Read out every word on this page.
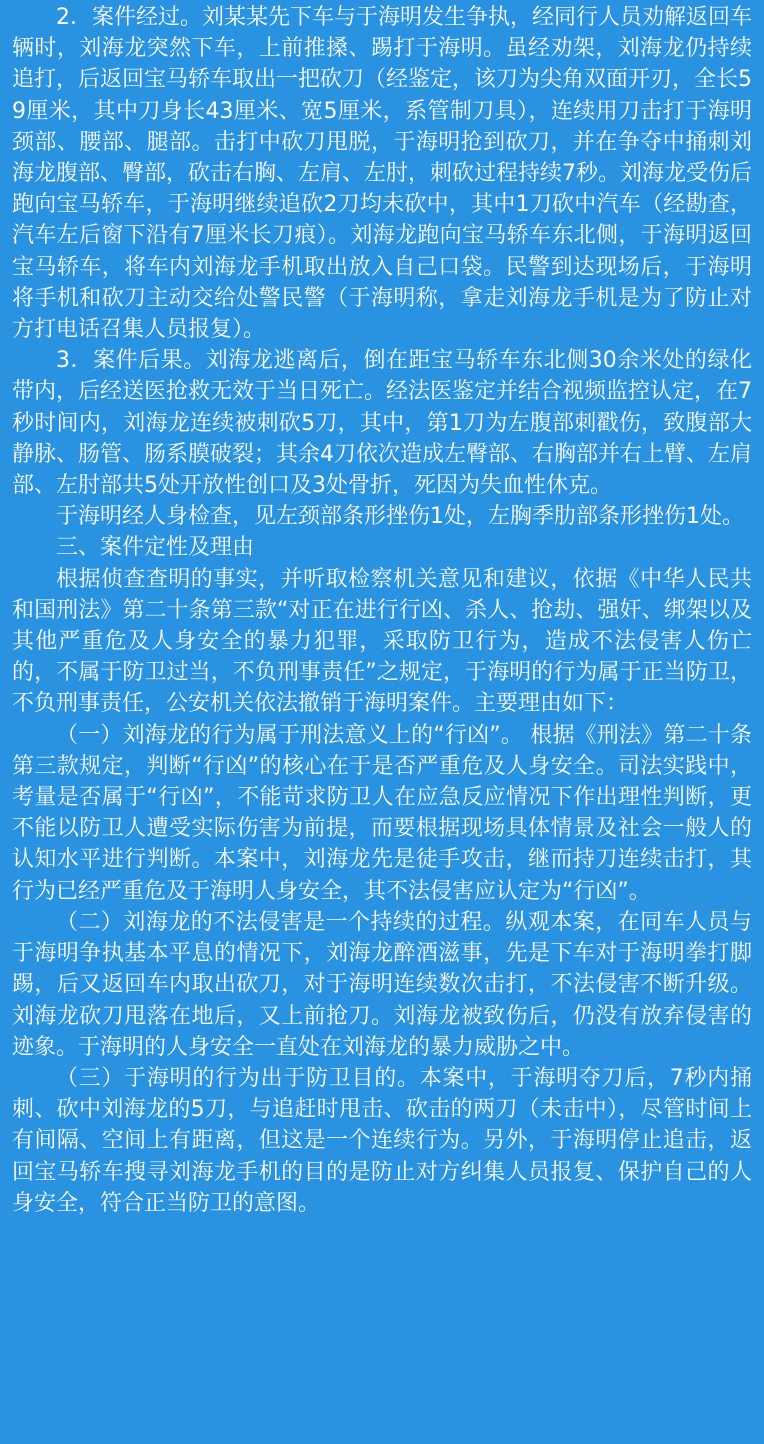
2．案件经过。刘某某先下车与于海明发生争执，经同行人员劝解返回车辆时，刘海龙突然下车，上前推搡、踢打于海明。虽经劝架，刘海龙仍持续追打，后返回宝马轿车取出一把砍刀（经鉴定，该刀为尖角双面开刃，全长59厘米，其中刀身长43厘米、宽5厘米，系管制刀具），连续用刀击打于海明颈部、腰部、腿部。击打中砍刀甩脱，于海明抢到砍刀，并在争夺中捅刺刘海龙腹部、臀部，砍击右胸、左肩、左肘，刺砍过程持续7秒。刘海龙受伤后跑向宝马轿车，于海明继续追砍2刀均未砍中，其中1刀砍中汽车（经勘查，汽车左后窗下沿有7厘米长刀痕）。刘海龙跑向宝马轿车东北侧，于海明返回宝马轿车，将车内刘海龙手机取出放入自己口袋。民警到达现场后，于海明将手机和砍刀主动交给处警民警（于海明称，拿走刘海龙手机是为了防止对方打电话召集人员报复）。

3．案件后果。刘海龙逃离后，倒在距宝马轿车东北侧30余米处的绿化带内，后经送医抢救无效于当日死亡。经法医鉴定并结合视频监控认定，在7秒时间内，刘海龙连续被刺砍5刀，其中，第1刀为左腹部刺戳伤，致腹部大静脉、肠管、肠系膜破裂；其余4刀依次造成左臀部、右胸部并右上臂、左肩部、左肘部共5处开放性创口及3处骨折，死因为失血性休克。

于海明经人身检查，见左颈部条形挫伤1处，左胸季肋部条形挫伤1处。

三、案件定性及理由

根据侦查查明的事实，并听取检察机关意见和建议，依据《中华人民共和国刑法》第二十条第三款“对正在进行行凶、杀人、抢劫、强奸、绑架以及其他严重危及人身安全的暴力犯罪，采取防卫行为，造成不法侵害人伤亡的，不属于防卫过当，不负刑事责任”之规定，于海明的行为属于正当防卫，不负刑事责任，公安机关依法撤销于海明案件。主要理由如下：

（一）刘海龙的行为属于刑法意义上的“行凶”。 根据《刑法》第二十条第三款规定，判断“行凶”的核心在于是否严重危及人身安全。司法实践中，考量是否属于“行凶”，不能苛求防卫人在应急反应情况下作出理性判断，更不能以防卫人遭受实际伤害为前提，而要根据现场具体情景及社会一般人的认知水平进行判断。本案中，刘海龙先是徒手攻击，继而持刀连续击打，其行为已经严重危及于海明人身安全，其不法侵害应认定为“行凶”。

（二）刘海龙的不法侵害是一个持续的过程。纵观本案，在同车人员与于海明争执基本平息的情况下，刘海龙醉酒滋事，先是下车对于海明拳打脚踢，后又返回车内取出砍刀，对于海明连续数次击打，不法侵害不断升级。刘海龙砍刀甩落在地后，又上前抢刀。刘海龙被致伤后，仍没有放弃侵害的迹象。于海明的人身安全一直处在刘海龙的暴力威胁之中。

（三）于海明的行为出于防卫目的。本案中，于海明夺刀后，7秒内捅刺、砍中刘海龙的5刀，与追赶时甩击、砍击的两刀（未击中），尽管时间上有间隔、空间上有距离，但这是一个连续行为。另外，于海明停止追击，返回宝马轿车搜寻刘海龙手机的目的是防止对方纠集人员报复、保护自己的人身安全，符合正当防卫的意图。
